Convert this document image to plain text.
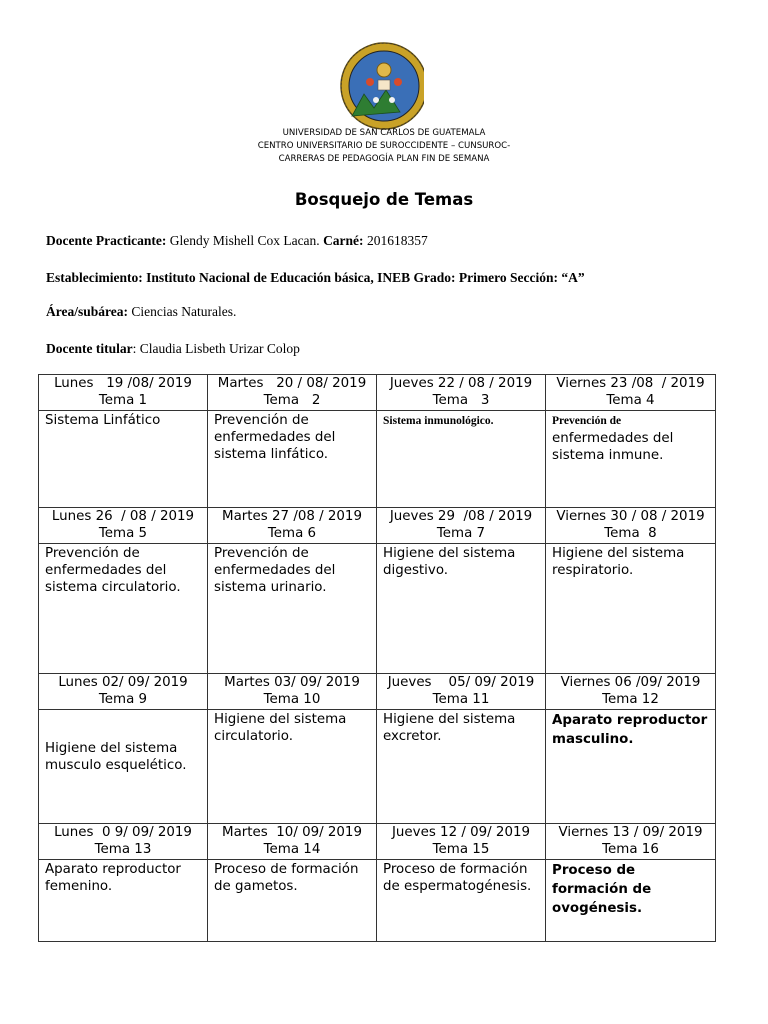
UNIVERSIDAD DE SAN CARLOS DE GUATEMALA
CENTRO UNIVERSITARIO DE SUROCCIDENTE – CUNSUROC-
CARRERAS DE PEDAGOGÍA PLAN FIN DE SEMANA
Bosquejo de Temas
Docente Practicante: Glendy Mishell Cox Lacan. Carné: 201618357
Establecimiento: Instituto Nacional de Educación básica, INEB Grado: Primero Sección: “A”
Área/subárea: Ciencias Naturales.
Docente titular: Claudia Lisbeth Urizar Colop
Lunes   19 /08/ 2019
Tema 1	Martes   20 / 08/ 2019
Tema   2	Jueves 22 / 08 / 2019
Tema   3	Viernes 23 /08  / 2019
Tema 4

Sistema Linfático	Prevención de enfermedades del sistema linfático.	Sistema inmunológico.	Prevención de
enfermedades del sistema inmune.

Lunes 26  / 08 / 2019
Tema 5	Martes 27 /08 / 2019
Tema 6	Jueves 29  /08 / 2019
Tema 7	Viernes 30 / 08 / 2019
Tema  8

Prevención de enfermedades del sistema circulatorio.	Prevención de enfermedades del sistema urinario.	Higiene del sistema digestivo.	Higiene del sistema respiratorio.

Lunes 02/ 09/ 2019
Tema 9	Martes 03/ 09/ 2019
Tema 10	Jueves    05/ 09/ 2019
Tema 11	Viernes 06 /09/ 2019
Tema 12

Higiene del sistema musculo esquelético.	Higiene del sistema circulatorio.	Higiene del sistema excretor.	Aparato reproductor masculino.

Lunes  0 9/ 09/ 2019
Tema 13	Martes  10/ 09/ 2019
Tema 14	Jueves 12 / 09/ 2019
Tema 15	Viernes 13 / 09/ 2019
Tema 16

Aparato reproductor femenino.	Proceso de formación de gametos.	Proceso de formación de espermatogénesis.	Proceso de formación de ovogénesis.
